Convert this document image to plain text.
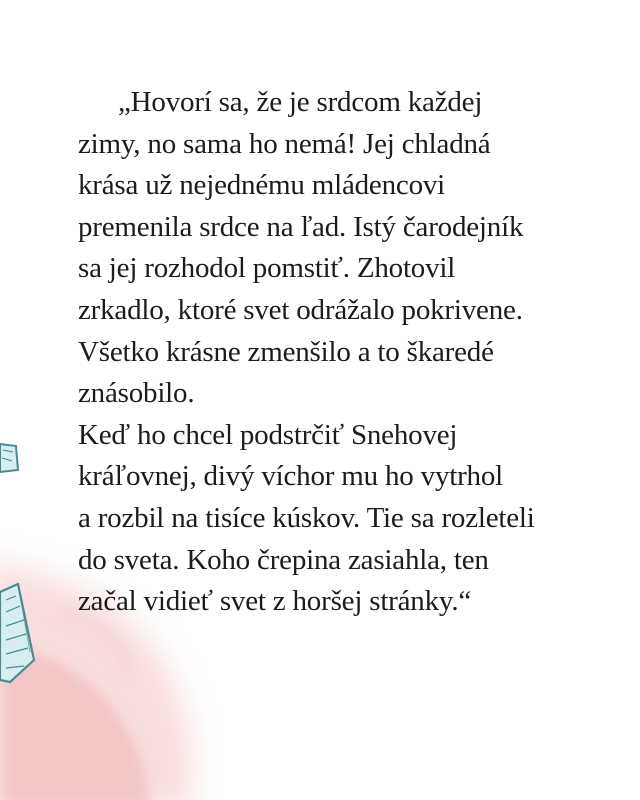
„Hovorí sa, že je srdcom každej
zimy, no sama ho nemá! Jej chladná
krása už nejednému mládencovi
premenila srdce na ľad. Istý čarodejník
sa jej rozhodol pomstiť. Zhotovil
zrkadlo, ktoré svet odrážalo pokrivene.
Všetko krásne zmenšilo a to škaredé
znásobilo.
Keď ho chcel podstrčiť Snehovej
kráľovnej, divý víchor mu ho vytrhol
a rozbil na tisíce kúskov. Tie sa rozleteli
do sveta. Koho črepina zasiahla, ten
začal vidieť svet z horšej stránky.“
